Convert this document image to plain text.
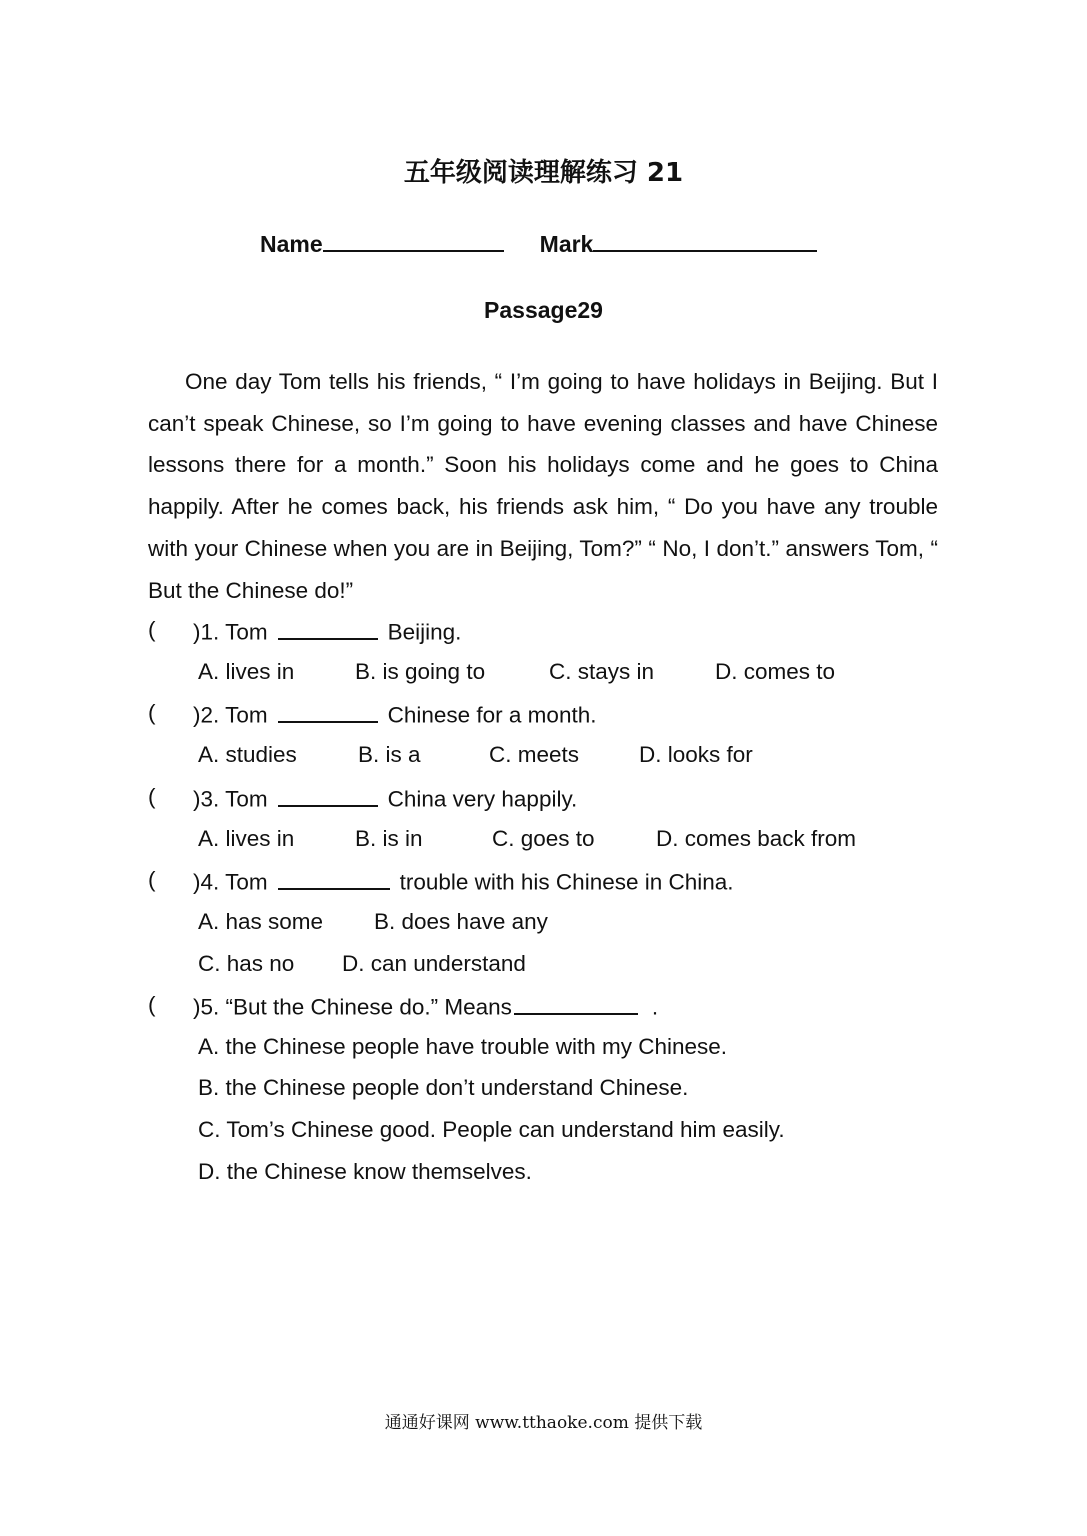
五年级阅读理解练习 21
Name	Mark
Passage29

One day Tom tells his friends, “ I’m going to have holidays in Beijing. But I can’t speak Chinese, so I’m going to have evening classes and have Chinese lessons there for a month.” Soon his holidays come and he goes to China happily. After he comes back, his friends ask him, “ Do you have any trouble with your Chinese when you are in Beijing, Tom?” “ No, I don’t.” answers Tom, “ But the Chinese do!”

( )1. Tom	Beijing.
A. lives in	B. is going to	C. stays in	D. comes to
( )2. Tom	Chinese for a month.
A. studies	B. is a	C. meets	D. looks for
( )3. Tom	China very happily.
A. lives in	B. is in	C. goes to	D. comes back from
( )4. Tom	trouble with his Chinese in China.
A. has some B. does have any
C. has no D. can understand
( )5. “But the Chinese do.” Means	.
A. the Chinese people have trouble with my Chinese.
B. the Chinese people don’t understand Chinese.
C. Tom’s Chinese good. People can understand him easily.
D. the Chinese know themselves.
通通好课网 www.tthaoke.com 提供下载
